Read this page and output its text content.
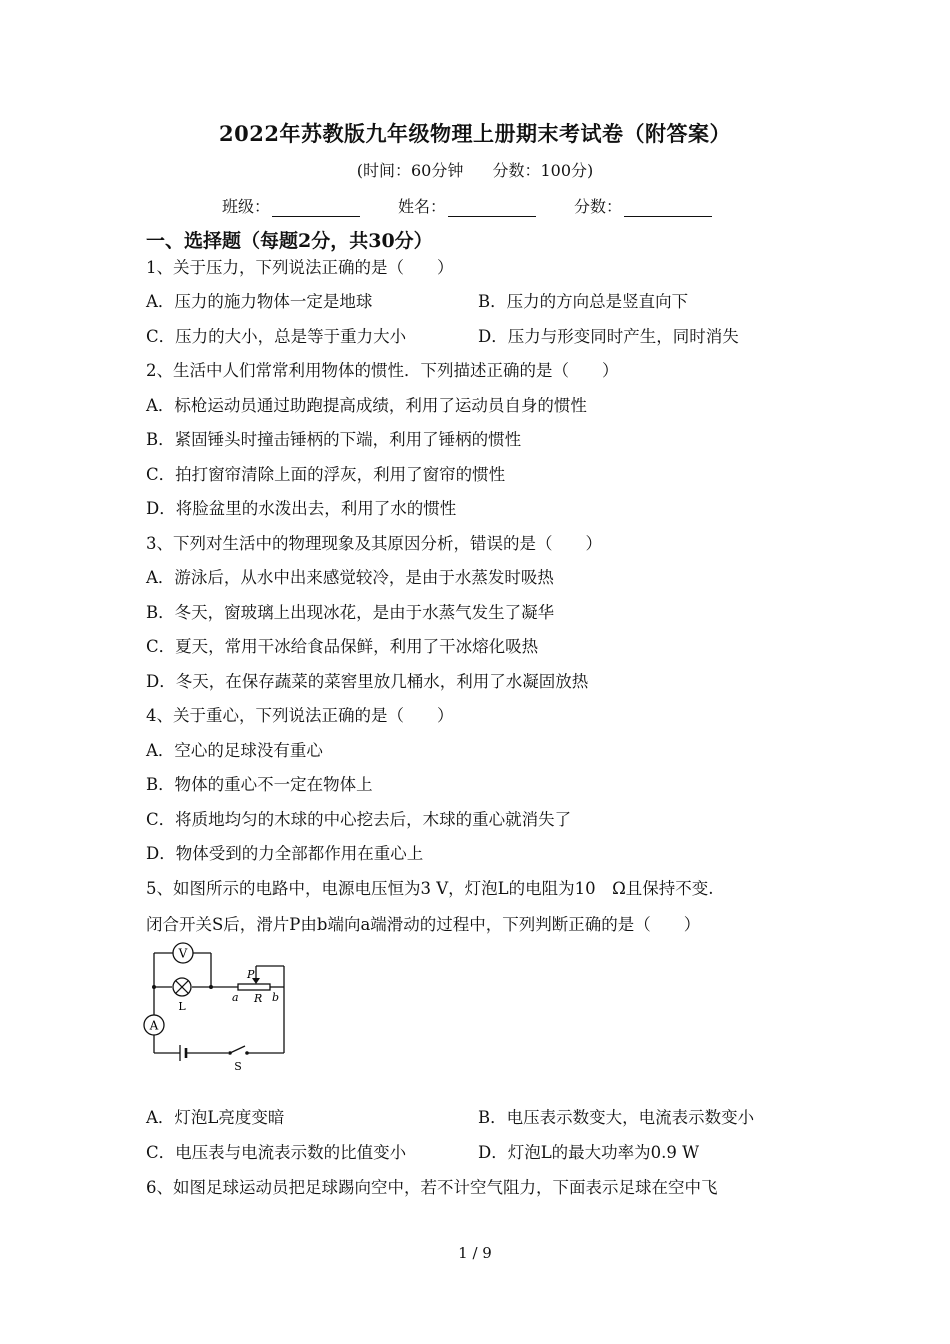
2022年苏教版九年级物理上册期末考试卷（附答案）
(时间：60分钟 分数：100分)
班级：	姓名：	分数：
一、选择题（每题2分，共30分）
1、关于压力，下列说法正确的是（　　）
A．压力的施力物体一定是地球	B．压力的方向总是竖直向下
C．压力的大小，总是等于重力大小	D．压力与形变同时产生，同时消失
2、生活中人们常常利用物体的惯性．下列描述正确的是（　　）
A．标枪运动员通过助跑提高成绩，利用了运动员自身的惯性
B．紧固锤头时撞击锤柄的下端，利用了锤柄的惯性
C．拍打窗帘清除上面的浮灰，利用了窗帘的惯性
D．将脸盆里的水泼出去，利用了水的惯性
3、下列对生活中的物理现象及其原因分析，错误的是（　　）
A．游泳后，从水中出来感觉较冷，是由于水蒸发时吸热
B．冬天，窗玻璃上出现冰花，是由于水蒸气发生了凝华
C．夏天，常用干冰给食品保鲜，利用了干冰熔化吸热
D．冬天，在保存蔬菜的菜窖里放几桶水，利用了水凝固放热
4、关于重心，下列说法正确的是（　　）
A．空心的足球没有重心
B．物体的重心不一定在物体上
C．将质地均匀的木球的中心挖去后，木球的重心就消失了
D．物体受到的力全部都作用在重心上
5、如图所示的电路中，电源电压恒为3 V，灯泡L的电阻为10　Ω且保持不变.
闭合开关S后，滑片P由b端向a端滑动的过程中，下列判断正确的是（　　）
V
L
P
a R b
A
S
A．灯泡L亮度变暗	B．电压表示数变大，电流表示数变小
C．电压表与电流表示数的比值变小	D．灯泡L的最大功率为0.9 W
6、如图足球运动员把足球踢向空中，若不计空气阻力，下面表示足球在空中飞
1 / 9
